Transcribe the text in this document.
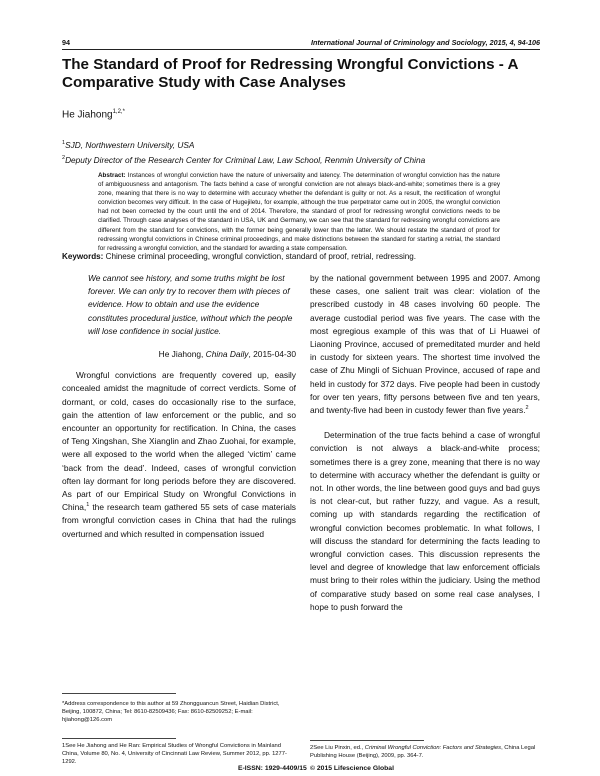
94	International Journal of Criminology and Sociology, 2015, 4, 94-106
The Standard of Proof for Redressing Wrongful Convictions - A Comparative Study with Case Analyses
He Jiahong$^{1,2,*}$
$^1$SJD, Northwestern University, USA
$^2$Deputy Director of the Research Center for Criminal Law, Law School, Renmin University of China
Abstract: Instances of wrongful conviction have the nature of universality and latency. The determination of wrongful conviction has the nature of ambiguousness and antagonism. The facts behind a case of wrongful conviction are not always black-and-white; sometimes there is a grey zone, meaning that there is no way to determine with accuracy whether the defendant is guilty or not. As a result, the rectification of wrongful conviction becomes very difficult. In the case of Hugejiletu, for example, although the true perpetrator came out in 2005, the wrongful conviction had not been corrected by the court until the end of 2014. Therefore, the standard of proof for redressing wrongful convictions needs to be clarified. Through case analyses of the standard in USA, UK and Germany, we can see that the standard for redressing wrongful convictions are different from the standard for convictions, with the former being generally lower than the latter. We should restate the standard of proof for redressing wrongful convictions in Chinese criminal proceedings, and make distinctions between the standard for starting a retrial, the standard for redressing a wrongful conviction, and the standard for awarding a state compensation.
Keywords: Chinese criminal proceeding, wrongful conviction, standard of proof, retrial, redressing.
We cannot see history, and some truths might be lost forever. We can only try to recover them with pieces of evidence. How to obtain and use the evidence constitutes procedural justice, without which the people will lose confidence in social justice.
He Jiahong, China Daily, 2015-04-30

Wrongful convictions are frequently covered up, easily concealed amidst the magnitude of correct verdicts. Some of dormant, or cold, cases do occasionally rise to the surface, gain the attention of law enforcement or the public, and so encounter an opportunity for rectification. In China, the cases of Teng Xingshan, She Xianglin and Zhao Zuohai, for example, were all exposed to the world when the alleged ‘victim’ came ‘back from the dead’. Indeed, cases of wrongful conviction often lay dormant for long periods before they are discovered. As part of our Empirical Study on Wrongful Convictions in China,$^1$ the research team gathered 55 sets of case materials from wrongful conviction cases in China that had the rulings overturned and which resulted in compensation issued

by the national government between 1995 and 2007. Among these cases, one salient trait was clear: violation of the prescribed custody in 48 cases involving 60 people. The average custodial period was five years. The case with the most egregious example of this was that of Li Huawei of Liaoning Province, accused of premeditated murder and held in custody for sixteen years. The shortest time involved the case of Zhu Mingli of Sichuan Province, accused of rape and held in custody for 372 days. Five people had been in custody for over ten years, fifty persons between five and ten years, and twenty-five had been in custody fewer than five years.$^2$

Determination of the true facts behind a case of wrongful conviction is not always a black-and-white process; sometimes there is a grey zone, meaning that there is no way to determine with accuracy whether the defendant is guilty or not. In other words, the line between good guys and bad guys is not clear-cut, but rather fuzzy, and vague. As a result, coming up with standards regarding the rectification of wrongful conviction becomes problematic. In what follows, I will discuss the standard for determining the facts leading to wrongful conviction cases. This discussion represents the level and degree of knowledge that law enforcement officials must bring to their roles within the judiciary. Using the method of comparative study based on some real case analyses, I hope to push forward the

*Address correspondence to this author at 59 Zhongguancun Street, Haidian District, Beijing, 100872, China; Tel: 8610-82509436; Fax: 8610-82509252; E-mail: hjiahong@126.com
1See He Jiahong and He Ran: Empirical Studies of Wrongful Convictions in Mainland China, Volume 80, No. 4, University of Cincinnati Law Review, Summer 2012, pp. 1277-1292.
2See Liu Pinxin, ed., Criminal Wrongful Conviction: Factors and Strategies, China Legal Publishing House (Beijing), 2009, pp. 364-7.
E-ISSN: 1929-4409/15 © 2015 Lifescience Global
